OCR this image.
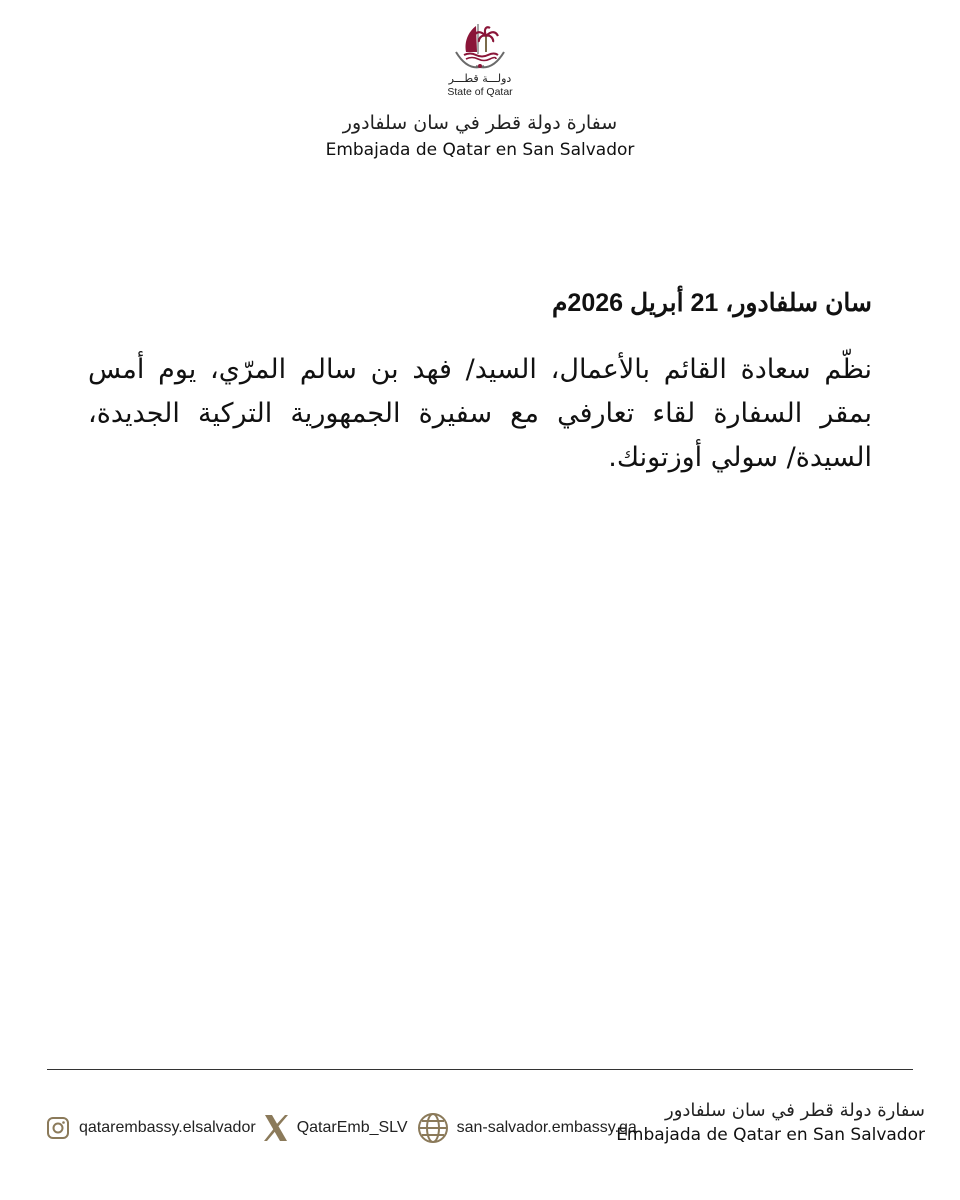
دولـــة قطـــر
State of Qatar
سفارة دولة قطر في سان سلفادور
Embajada de Qatar en San Salvador

سان سلفادور، 21 أبريل 2026م

نظّم سعادة القائم بالأعمال، السيد/ فهد بن سالم المرّي، يوم أمس بمقر السفارة لقاء تعارفي مع سفيرة الجمهورية التركية الجديدة، السيدة/ سولي أوزتونك.

qatarembassy.elsalvador	QatarEmb_SLV	san-salvador.embassy.qa
سفارة دولة قطر في سان سلفادور
Embajada de Qatar en San Salvador
